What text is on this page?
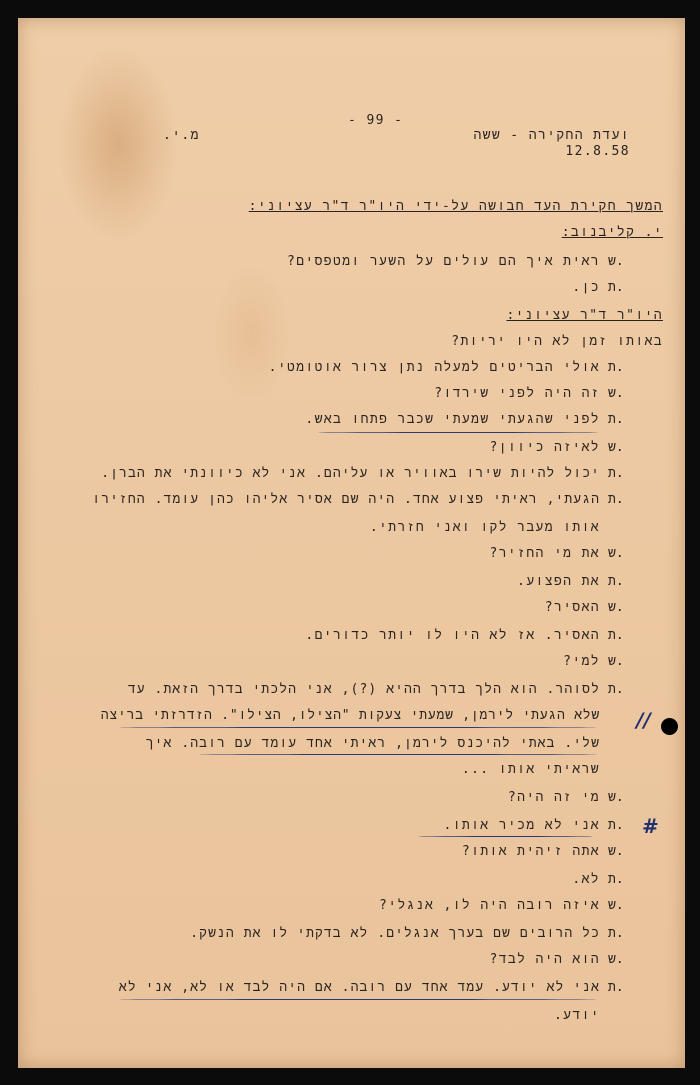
- 99 -
ועדת החקירה - ששה
12.8.58
מ.י.
המשך חקירת העד חבושה על-ידי היו"ר ד"ר עציוני:
י. קליבנוב:
היו"ר ד"ר עציוני:
ש.
ראית איך הם עולים על השער ומטפסים?
ת.
כן.
באותו זמן לא היו יריות?
ת.
אולי הבריטים למעלה נתן צרור אוטומטי.
ש.
זה היה לפני שירדו?
ת.
לפני שהגעתי שמעתי שכבר פתחו באש.
ש.
לאיזה כיוון?
ת.
יכול להיות שירו באוויר או עליהם. אני לא כיוונתי את הברן.
ת.
הגעתי, ראיתי פצוע אחד. היה שם אסיר אליהו כהן עומד. החזירו
אותו מעבר לקו ואני חזרתי.
ש.
את מי החזיר?
ת.
את הפצוע.
ש.
האסיר?
ת.
האסיר. אז לא היו לו יותר כדורים.
ש.
למי?
ת.
לסוהר. הוא הלך בדרך ההיא (?), אני הלכתי בדרך הזאת. עד
שלא הגעתי לירמן, שמעתי צעקות "הצילו, הצילו". הזדרזתי בריצה
שלי. באתי להיכנס לירמן, ראיתי אחד עומד עם רובה. איך
שראיתי אותו ...
ש.
מי זה היה?
ת.
אני לא מכיר אותו.
ש.
אתה זיהית אותו?
ת.
לא.
ש.
איזה רובה היה לו, אנגלי?
ת.
כל הרובים שם בערך אנגלים. לא בדקתי לו את הנשק.
ש.
הוא היה לבד?
ת.
אני לא יודע. עמד אחד עם רובה. אם היה לבד או לא, אני לא
יודע.
//
#
